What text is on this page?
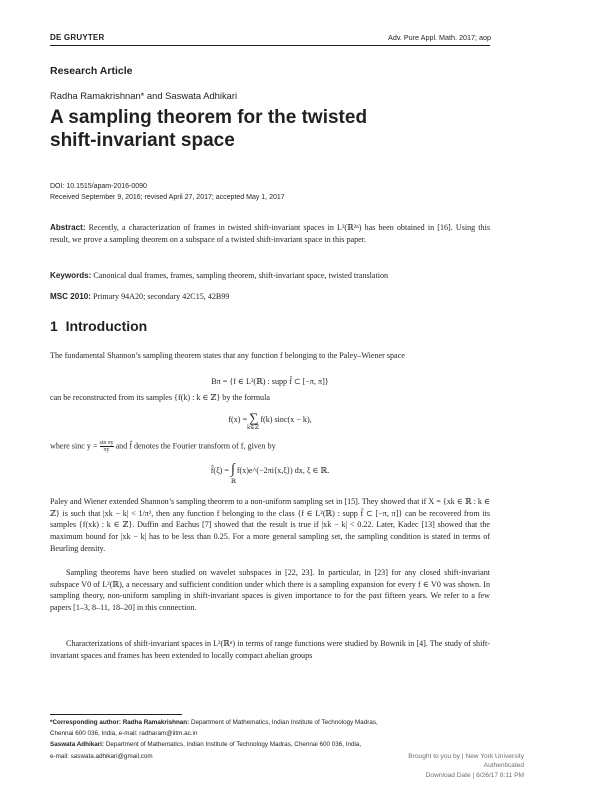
DE GRUYTER	Adv. Pure Appl. Math. 2017; aop
Research Article
Radha Ramakrishnan* and Saswata Adhikari
A sampling theorem for the twisted
shift-invariant space
DOI: 10.1515/apam-2016-0090
Received September 9, 2016; revised April 27, 2017; accepted May 1, 2017
Abstract: Recently, a characterization of frames in twisted shift-invariant spaces in L²(ℝ²ⁿ) has been obtained in [16]. Using this result, we prove a sampling theorem on a subspace of a twisted shift-invariant space in this paper.
Keywords: Canonical dual frames, frames, sampling theorem, shift-invariant space, twisted translation
MSC 2010: Primary 94A20; secondary 42C15, 42B99
1 Introduction
The fundamental Shannon’s sampling theorem states that any function f belonging to the Paley–Wiener space
Bπ = {f ∈ L²(ℝ) : supp f̂ ⊂ [−π, π]}
can be reconstructed from its samples {f(k) : k ∈ ℤ} by the formula
f(x) = ∑
k∈ℤ
f(k) sinc(x − k),
where sinc $y = \frac{\text{sin πy}}{\pi y}$ and f̂ denotes the Fourier transform of f, given by
f̂(ξ) = ∫
ℝ
f(x)e^(−2πi⟨x,ξ⟩) dx, ξ ∈ ℝ.
Paley and Wiener extended Shannon’s sampling theorem to a non-uniform sampling set in [15]. They showed that if X = {xk ∈ ℝ : k ∈ ℤ} is such that |xk − k| < 1/π², then any function f belonging to the class {f ∈ L²(ℝ) : supp f̂ ⊂ [−π, π]} can be recovered from its samples {f(xk) : k ∈ ℤ}. Duffin and Eachus [7] showed that the result is true if |xk − k| < 0.22. Later, Kadec [13] showed that the maximum bound for |xk − k| has to be less than 0.25. For a more general sampling set, the sampling condition is stated in terms of Beurling density.
Sampling theorems have been studied on wavelet subspaces in [22, 23]. In particular, in [23] for any closed shift-invariant subspace V0 of L²(ℝ), a necessary and sufficient condition under which there is a sampling expansion for every f ∈ V0 was shown. In sampling theory, non-uniform sampling in shift-invariant spaces is given importance to for the past fifteen years. We refer to a few papers [1–3, 8–11, 18–20] in this connection.
Characterizations of shift-invariant spaces in L²(ℝⁿ) in terms of range functions were studied by Bownik in [4]. The study of shift-invariant spaces and frames has been extended to locally compact abelian groups

*Corresponding author: Radha Ramakrishnan: Department of Mathematics, Indian Institute of Technology Madras,

Chennai 600 036, India, e-mail: radharam@iitm.ac.in

Saswata Adhikari: Department of Mathematics, Indian Institute of Technology Madras, Chennai 600 036, India,

e-mail: saswata.adhikari@gmail.com	Brought to you by | New York University
Authenticated
Download Date | 6/26/17 8:11 PM
